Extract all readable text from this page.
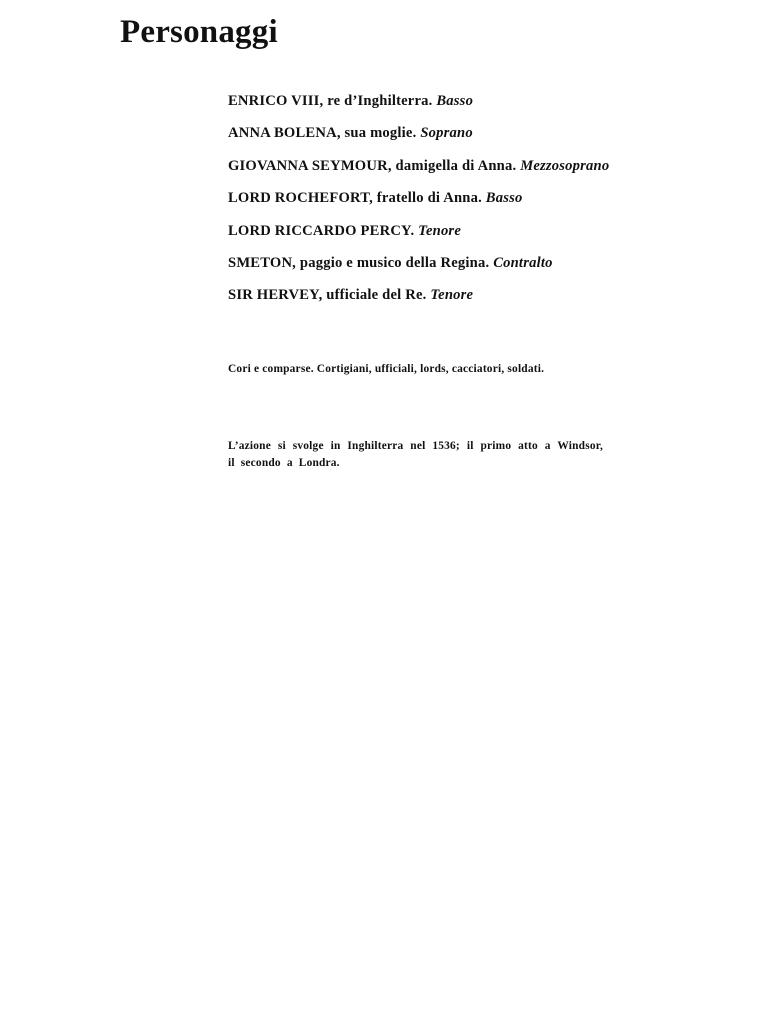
Personaggi
ENRICO VIII, re d’Inghilterra. Basso
ANNA BOLENA, sua moglie. Soprano
GIOVANNA SEYMOUR, damigella di Anna. Mezzosoprano
LORD ROCHEFORT, fratello di Anna. Basso
LORD RICCARDO PERCY. Tenore
SMETON, paggio e musico della Regina. Contralto
SIR HERVEY, ufficiale del Re. Tenore

Cori e comparse. Cortigiani, ufficiali, lords, cacciatori, soldati.

L’azione si svolge in Inghilterra nel 1536; il primo atto a Windsor, il secondo a Londra.
